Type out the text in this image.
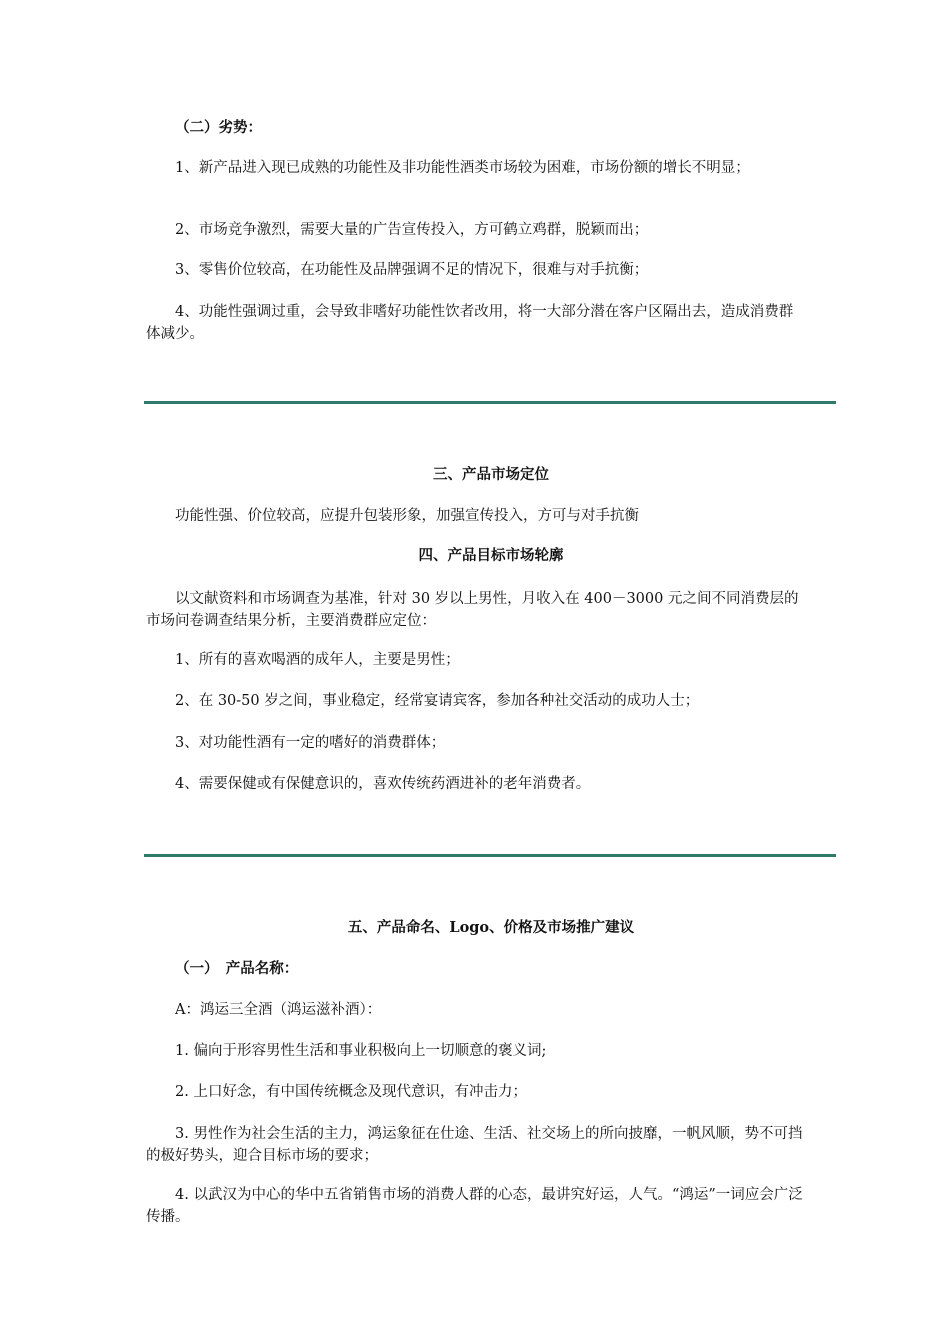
（二）劣势：

1、新产品进入现已成熟的功能性及非功能性酒类市场较为困难，市场份额的增长不明显；

2、市场竞争激烈，需要大量的广告宣传投入，方可鹤立鸡群，脱颖而出；

3、零售价位较高，在功能性及品牌强调不足的情况下，很难与对手抗衡；

4、功能性强调过重，会导致非嗜好功能性饮者改用，将一大部分潜在客户区隔出去，造成消费群体减少。

三、产品市场定位

功能性强、价位较高，应提升包装形象，加强宣传投入，方可与对手抗衡

四、产品目标市场轮廓

以文献资料和市场调查为基准，针对 30 岁以上男性，月收入在 400－3000 元之间不同消费层的市场问卷调查结果分析，主要消费群应定位：

1、所有的喜欢喝酒的成年人，主要是男性；

2、在 30-50 岁之间，事业稳定，经常宴请宾客，参加各种社交活动的成功人士；

3、对功能性酒有一定的嗜好的消费群体；

4、需要保健或有保健意识的，喜欢传统药酒进补的老年消费者。

五、产品命名、Logo、价格及市场推广建议

（一）　产品名称：

A：鸿运三全酒（鸿运滋补酒）：

1. 偏向于形容男性生活和事业积极向上一切顺意的褒义词;

2. 上口好念，有中国传统概念及现代意识，有冲击力；

3. 男性作为社会生活的主力，鸿运象征在仕途、生活、社交场上的所向披靡，一帆风顺，势不可挡的极好势头，迎合目标市场的要求；

4. 以武汉为中心的华中五省销售市场的消费人群的心态，最讲究好运，人气。“鸿运”一词应会广泛传播。
